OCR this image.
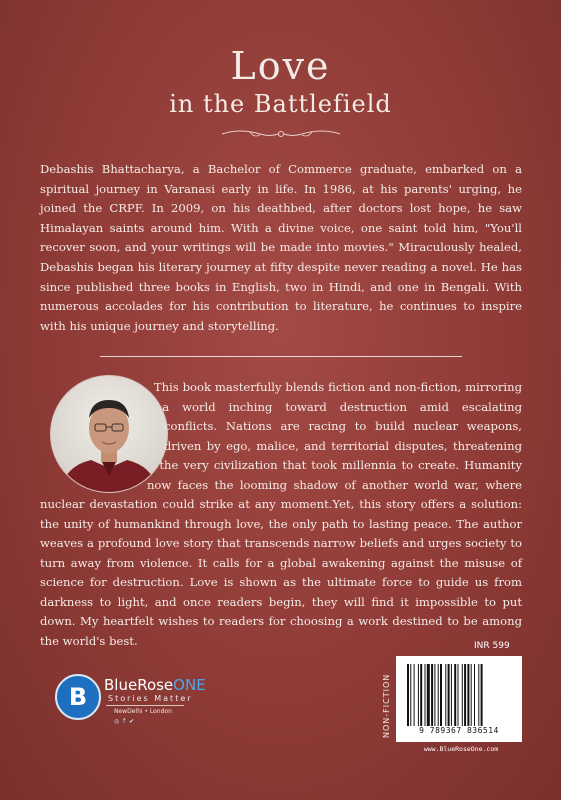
Love
in the Battlefield
Debashis Bhattacharya, a Bachelor of Commerce graduate, embarked on a spiritual journey in Varanasi early in life. In 1986, at his parents' urging, he joined the CRPF. In 2009, on his deathbed, after doctors lost hope, he saw Himalayan saints around him. With a divine voice, one saint told him, "You'll recover soon, and your writings will be made into movies." Miraculously healed, Debashis began his literary journey at fifty despite never reading a novel. He has since published three books in English, two in Hindi, and one in Bengali. With numerous accolades for his contribution to literature, he continues to inspire with his unique journey and storytelling.
This book masterfully blends fiction and non-fiction, mirroring a world inching toward destruction amid escalating conflicts. Nations are racing to build nuclear weapons, driven by ego, malice, and territorial disputes, threatening the very civilization that took millennia to create. Humanity now faces the looming shadow of another world war, where nuclear devastation could strike at any moment.Yet, this story offers a solution: the unity of humankind through love, the only path to lasting peace. The author weaves a profound love story that transcends narrow beliefs and urges society to turn away from violence. It calls for a global awakening against the misuse of science for destruction. Love is shown as the ultimate force to guide us from darkness to light, and once readers begin, they will find it impossible to put down. My heartfelt wishes to readers for choosing a work destined to be among the world's best.
B	BlueRoseONE
Stories Matter
NewDelhi • London
◎ f ✔	NON-FICTION
INR 599
9 789367 836514
www.BlueRoseOne.com
